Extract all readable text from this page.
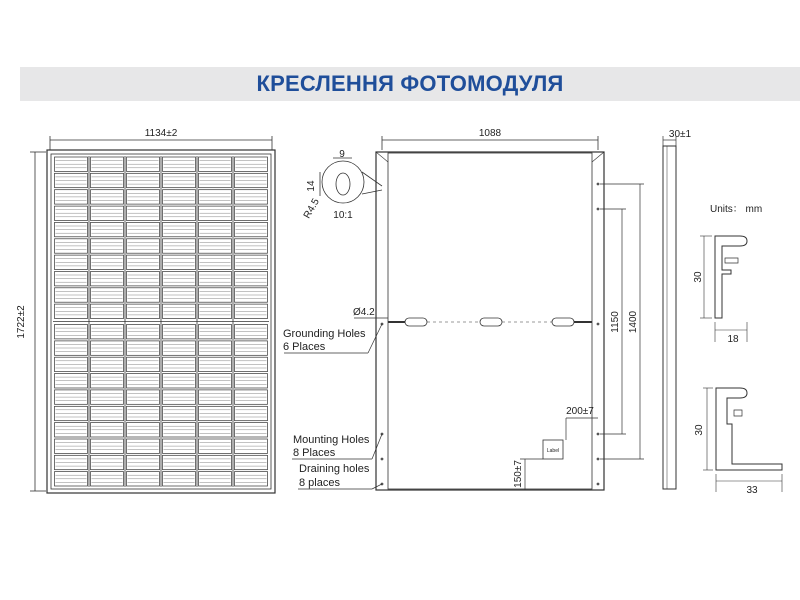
КРЕСЛЕННЯ ФОТОМОДУЛЯ
1134±2
1722±2
9
14
R4.5 10:1
1088
Ø4.2
Grounding Holes
6 Places
Mounting Holes
8 Places
Draining holes
8 places
1150 1400
200±7
150±7
Label
30±1
Units： mm
30
18
30
33
